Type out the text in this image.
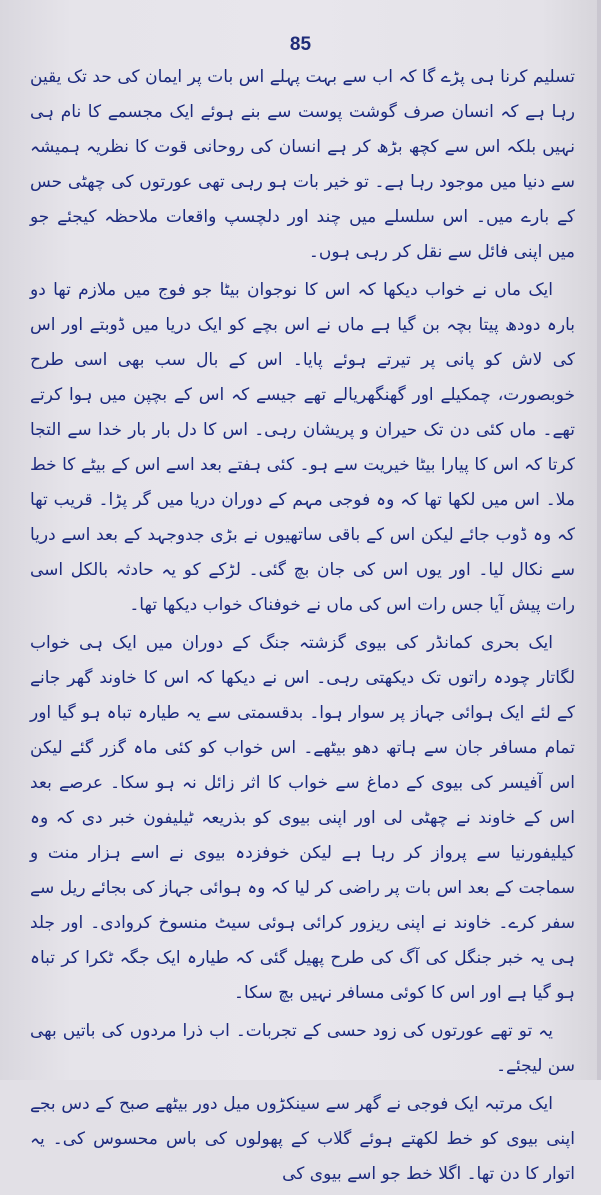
85

تسلیم کرنا ہی پڑے گا کہ اب سے بہت پہلے اس بات پر ایمان کی حد تک یقین رہا ہے کہ انسان صرف گوشت پوست سے بنے ہوئے ایک مجسمے کا نام ہی نہیں بلکہ اس سے کچھ بڑھ کر ہے انسان کی روحانی قوت کا نظریہ ہمیشہ سے دنیا میں موجود رہا ہے۔ تو خیر بات ہو رہی تھی عورتوں کی چھٹی حس کے بارے میں۔ اس سلسلے میں چند اور دلچسپ واقعات ملاحظہ کیجئے جو میں اپنی فائل سے نقل کر رہی ہوں۔

ایک ماں نے خواب دیکھا کہ اس کا نوجوان بیٹا جو فوج میں ملازم تھا دو بارہ دودھ پیتا بچہ بن گیا ہے ماں نے اس بچے کو ایک دریا میں ڈوبتے اور اس کی لاش کو پانی پر تیرتے ہوئے پایا۔ اس کے بال سب بھی اسی طرح خوبصورت، چمکیلے اور گھنگھریالے تھے جیسے کہ اس کے بچپن میں ہوا کرتے تھے۔ ماں کئی دن تک حیران و پریشان رہی۔ اس کا دل بار بار خدا سے التجا کرتا کہ اس کا پیارا بیٹا خیریت سے ہو۔ کئی ہفتے بعد اسے اس کے بیٹے کا خط ملا۔ اس میں لکھا تھا کہ وہ فوجی مہم کے دوران دریا میں گر پڑا۔ قریب تھا کہ وہ ڈوب جائے لیکن اس کے باقی ساتھیوں نے بڑی جدوجہد کے بعد اسے دریا سے نکال لیا۔ اور یوں اس کی جان بچ گئی۔ لڑکے کو یہ حادثہ بالکل اسی رات پیش آیا جس رات اس کی ماں نے خوفناک خواب دیکھا تھا۔

ایک بحری کمانڈر کی بیوی گزشتہ جنگ کے دوران میں ایک ہی خواب لگاتار چودہ راتوں تک دیکھتی رہی۔ اس نے دیکھا کہ اس کا خاوند گھر جانے کے لئے ایک ہوائی جہاز پر سوار ہوا۔ بدقسمتی سے یہ طیارہ تباہ ہو گیا اور تمام مسافر جان سے ہاتھ دھو بیٹھے۔ اس خواب کو کئی ماہ گزر گئے لیکن اس آفیسر کی بیوی کے دماغ سے خواب کا اثر زائل نہ ہو سکا۔ عرصے بعد اس کے خاوند نے چھٹی لی اور اپنی بیوی کو بذریعہ ٹیلیفون خبر دی کہ وہ کیلیفورنیا سے پرواز کر رہا ہے لیکن خوفزدہ بیوی نے اسے ہزار منت و سماجت کے بعد اس بات پر راضی کر لیا کہ وہ ہوائی جہاز کی بجائے ریل سے سفر کرے۔ خاوند نے اپنی ریزور کرائی ہوئی سیٹ منسوخ کروادی۔ اور جلد ہی یہ خبر جنگل کی آگ کی طرح پھیل گئی کہ طیارہ ایک جگہ ٹکرا کر تباہ ہو گیا ہے اور اس کا کوئی مسافر نہیں بچ سکا۔

یہ تو تھے عورتوں کی زود حسی کے تجربات۔ اب ذرا مردوں کی باتیں بھی سن لیجئے۔

ایک مرتبہ ایک فوجی نے گھر سے سینکڑوں میل دور بیٹھے صبح کے دس بجے اپنی بیوی کو خط لکھتے ہوئے گلاب کے پھولوں کی باس محسوس کی۔ یہ اتوار کا دن تھا۔ اگلا خط جو اسے بیوی کی
